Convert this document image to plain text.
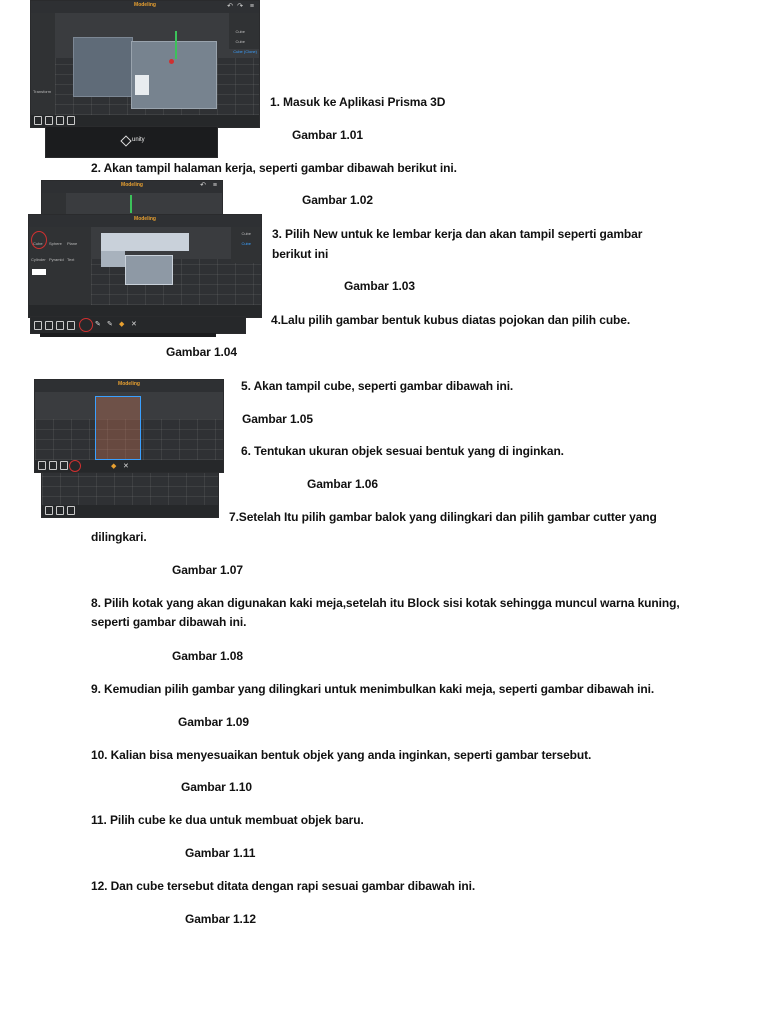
Modeling
Cube
Cube
Cube (Clone)
Transform
↶ ↷ ≡
unity
1. Masuk ke Aplikasi Prisma 3D
Gambar 1.01
2. Akan tampil halaman kerja, seperti gambar dibawah berikut ini.
Modeling	↶ ≡
Gambar 1.02
Modeling
Cube Sphere Plane
Cylinder Pyramid Text
Cube
Cube
3. Pilih New untuk ke lembar kerja dan akan tampil seperti gambar
berikut ini
Gambar 1.03
✎ ✎ ◆ ✕	4.Lalu pilih gambar bentuk kubus diatas pojokan dan pilih cube.
Gambar 1.04
Modeling
◆ ✕
5. Akan tampil cube, seperti gambar dibawah ini.
Gambar 1.05
6. Tentukan ukuran objek sesuai bentuk yang di inginkan.
Gambar 1.06
7.Setelah Itu pilih gambar balok yang dilingkari dan pilih gambar cutter yang
dilingkari.
Gambar 1.07
8. Pilih kotak yang akan digunakan kaki meja,setelah itu Block sisi kotak sehingga muncul warna kuning,
seperti gambar dibawah ini.
Gambar 1.08
9. Kemudian pilih gambar yang dilingkari untuk menimbulkan kaki meja, seperti gambar dibawah ini.
Gambar 1.09
10. Kalian bisa menyesuaikan bentuk objek yang anda inginkan, seperti gambar tersebut.
Gambar 1.10
11. Pilih cube ke dua untuk membuat objek baru.
Gambar 1.11
12. Dan cube tersebut ditata dengan rapi sesuai gambar dibawah ini.
Gambar 1.12
